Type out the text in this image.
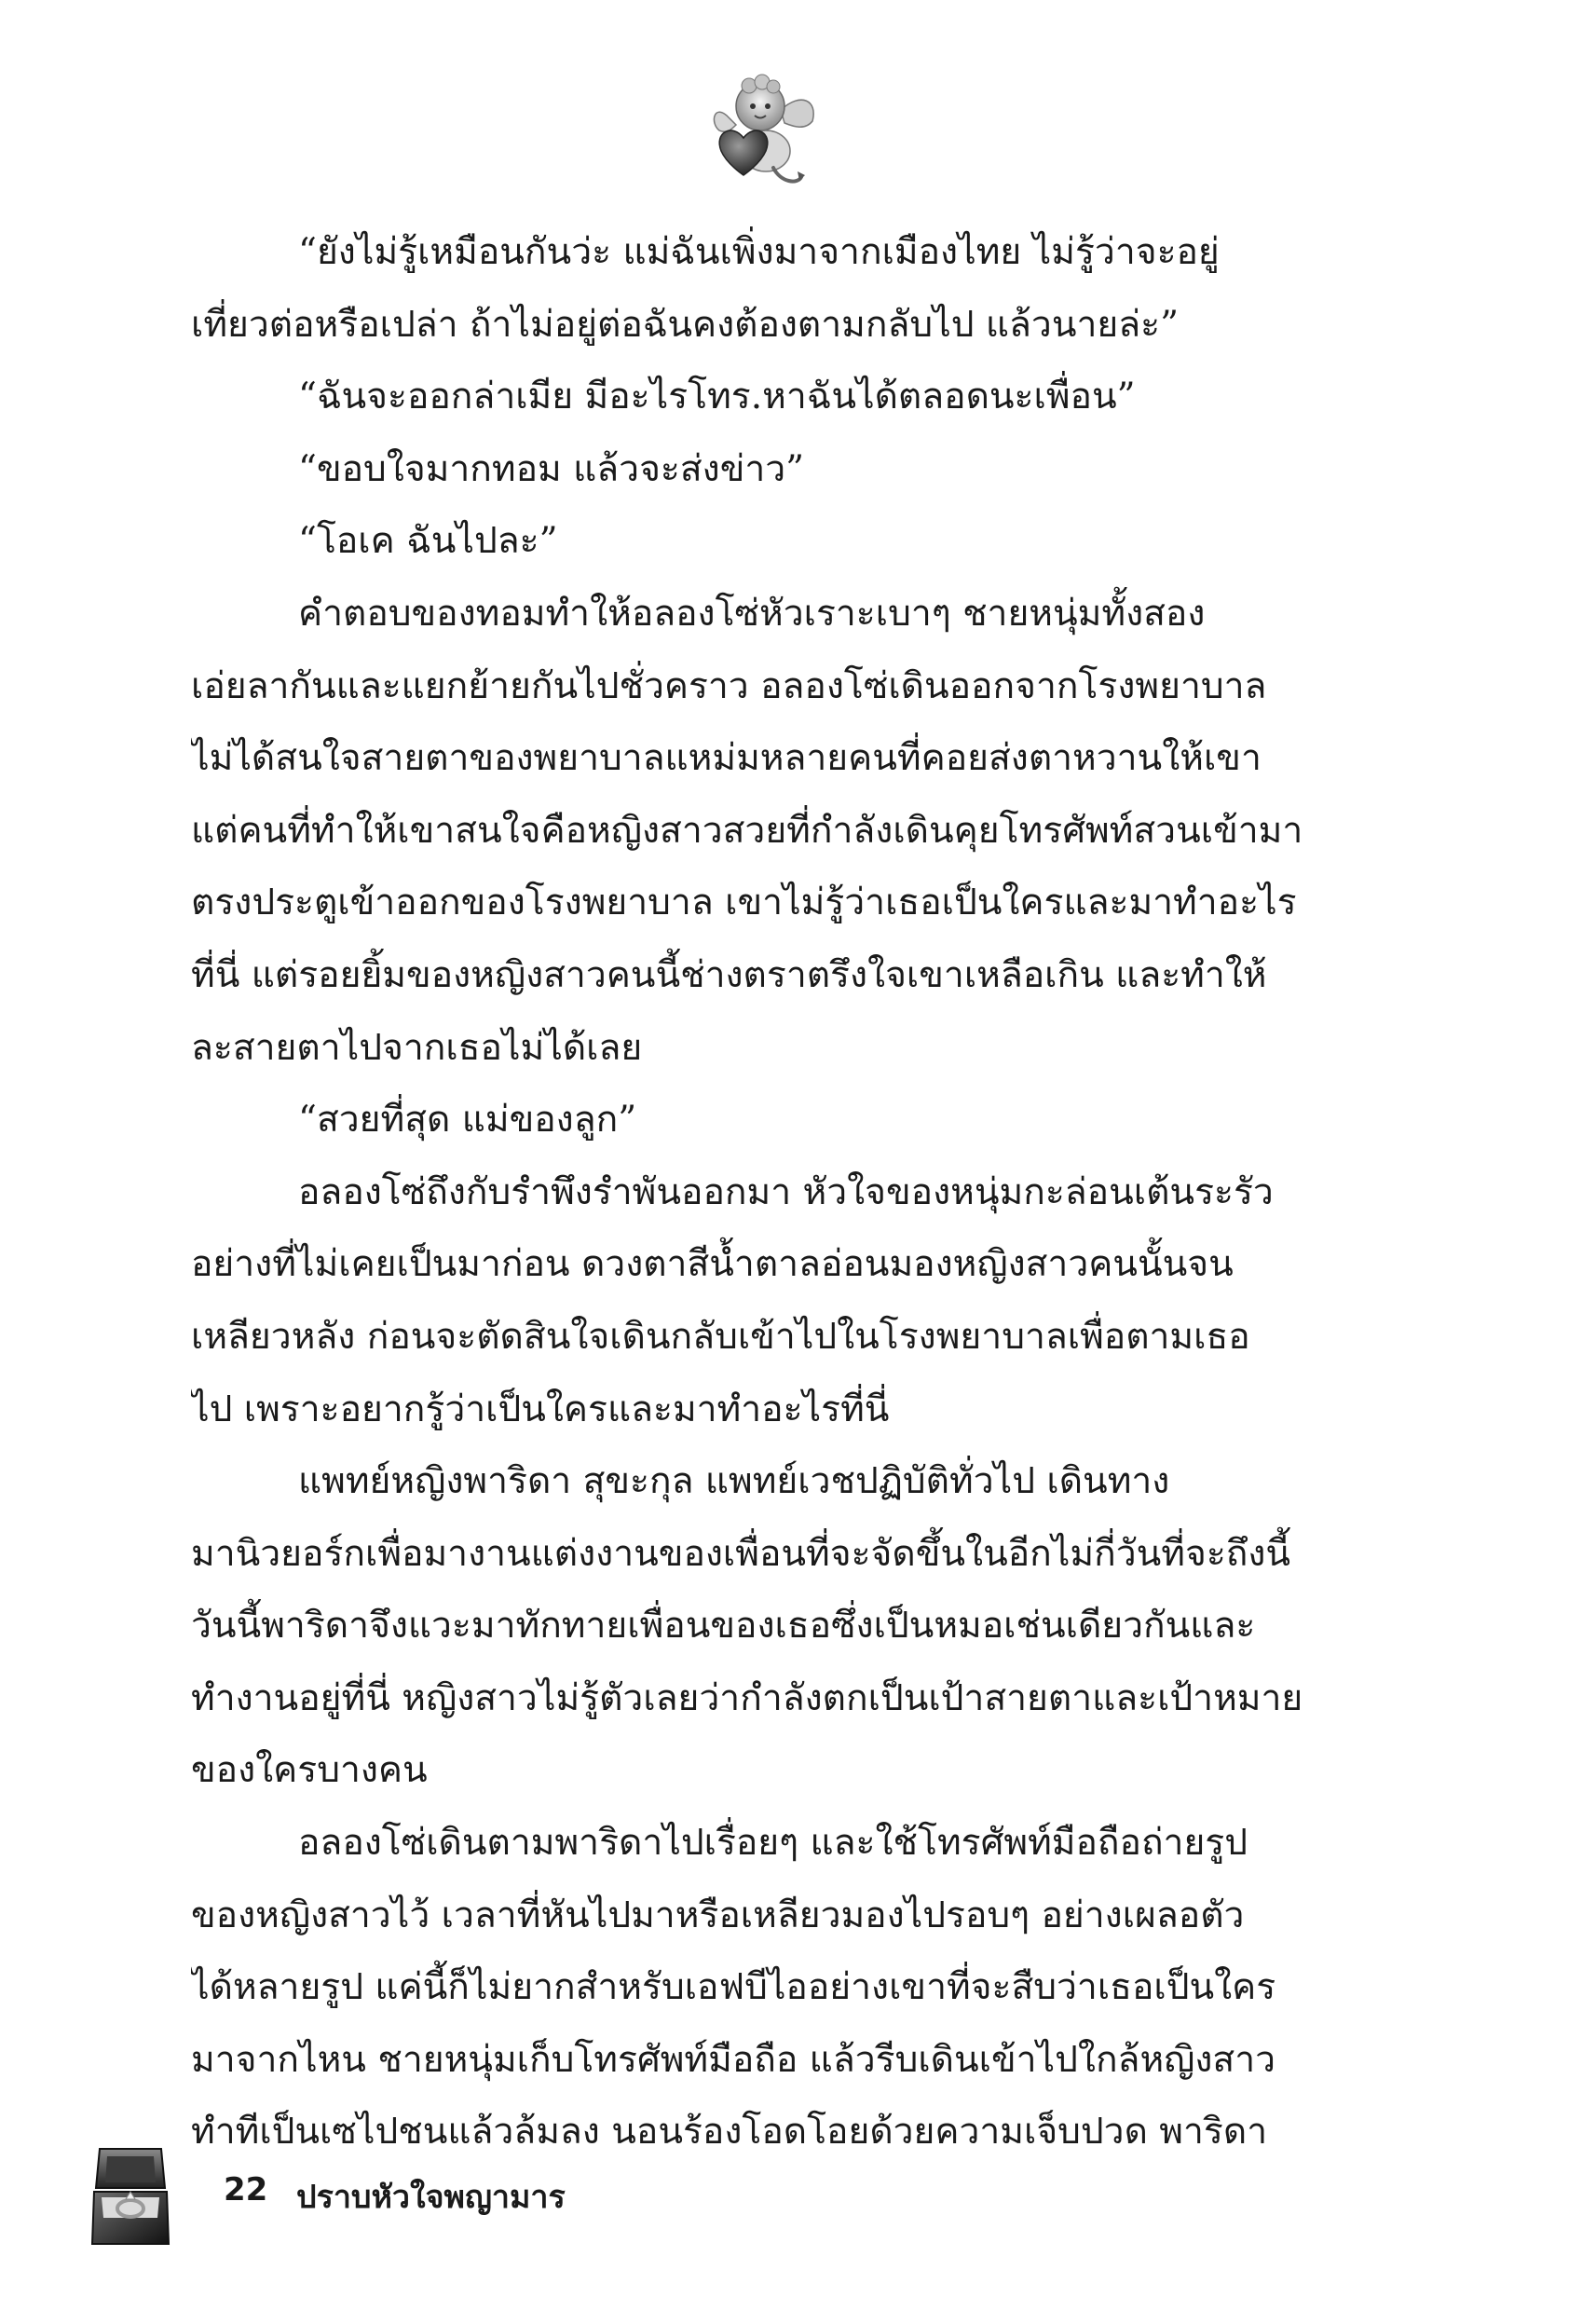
“ยังไม่รู้เหมือนกันว่ะ แม่ฉันเพิ่งมาจากเมืองไทย ไม่รู้ว่าจะอยู่
เที่ยวต่อหรือเปล่า ถ้าไม่อยู่ต่อฉันคงต้องตามกลับไป แล้วนายล่ะ”
“ฉันจะออกล่าเมีย มีอะไรโทร.หาฉันได้ตลอดนะเพื่อน”
“ขอบใจมากทอม แล้วจะส่งข่าว”
“โอเค ฉันไปละ”
คำตอบของทอมทำให้อลองโซ่หัวเราะเบาๆ ชายหนุ่มทั้งสอง
เอ่ยลากันและแยกย้ายกันไปชั่วคราว อลองโซ่เดินออกจากโรงพยาบาล
ไม่ได้สนใจสายตาของพยาบาลแหม่มหลายคนที่คอยส่งตาหวานให้เขา
แต่คนที่ทำให้เขาสนใจคือหญิงสาวสวยที่กำลังเดินคุยโทรศัพท์สวนเข้ามา
ตรงประตูเข้าออกของโรงพยาบาล เขาไม่รู้ว่าเธอเป็นใครและมาทำอะไร
ที่นี่ แต่รอยยิ้มของหญิงสาวคนนี้ช่างตราตรึงใจเขาเหลือเกิน และทำให้
ละสายตาไปจากเธอไม่ได้เลย
“สวยที่สุด แม่ของลูก”
อลองโซ่ถึงกับรำพึงรำพันออกมา หัวใจของหนุ่มกะล่อนเต้นระรัว
อย่างที่ไม่เคยเป็นมาก่อน ดวงตาสีน้ำตาลอ่อนมองหญิงสาวคนนั้นจน
เหลียวหลัง ก่อนจะตัดสินใจเดินกลับเข้าไปในโรงพยาบาลเพื่อตามเธอ
ไป เพราะอยากรู้ว่าเป็นใครและมาทำอะไรที่นี่
แพทย์หญิงพาริดา สุขะกุล แพทย์เวชปฏิบัติทั่วไป เดินทาง
มานิวยอร์กเพื่อมางานแต่งงานของเพื่อนที่จะจัดขึ้นในอีกไม่กี่วันที่จะถึงนี้
วันนี้พาริดาจึงแวะมาทักทายเพื่อนของเธอซึ่งเป็นหมอเช่นเดียวกันและ
ทำงานอยู่ที่นี่ หญิงสาวไม่รู้ตัวเลยว่ากำลังตกเป็นเป้าสายตาและเป้าหมาย
ของใครบางคน
อลองโซ่เดินตามพาริดาไปเรื่อยๆ และใช้โทรศัพท์มือถือถ่ายรูป
ของหญิงสาวไว้ เวลาที่หันไปมาหรือเหลียวมองไปรอบๆ อย่างเผลอตัว
ได้หลายรูป แค่นี้ก็ไม่ยากสำหรับเอฟบีไออย่างเขาที่จะสืบว่าเธอเป็นใคร
มาจากไหน ชายหนุ่มเก็บโทรศัพท์มือถือ แล้วรีบเดินเข้าไปใกล้หญิงสาว
ทำทีเป็นเซไปชนแล้วล้มลง นอนร้องโอดโอยด้วยความเจ็บปวด พาริดา
22 ปราบหัวใจพญามาร
